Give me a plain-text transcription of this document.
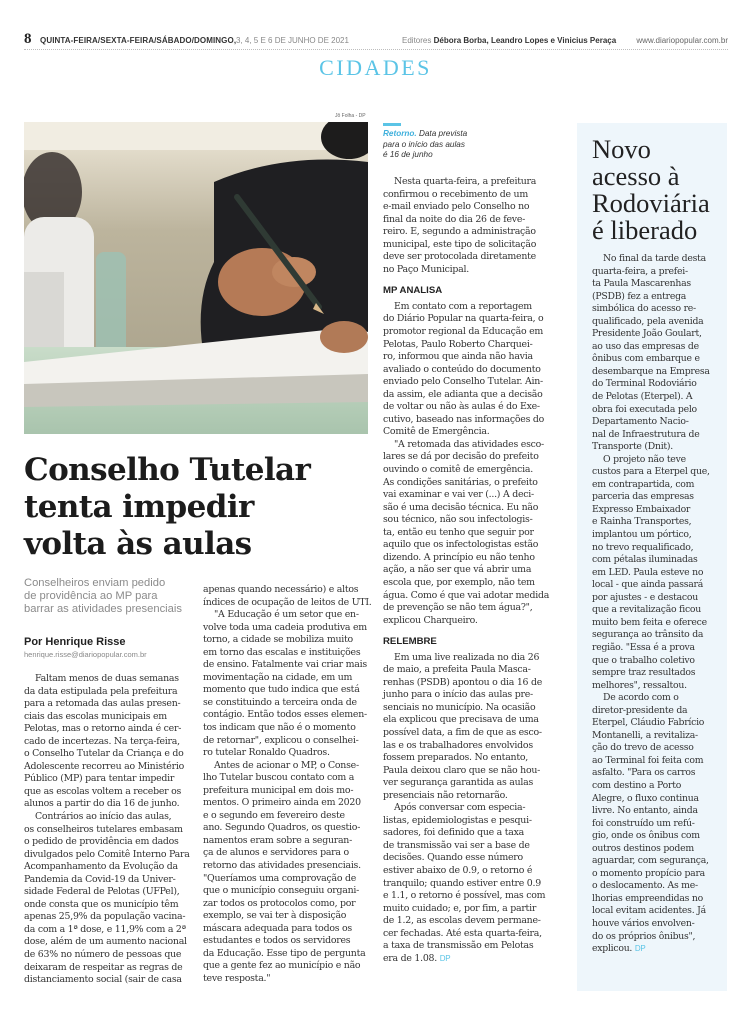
8 QUINTA-FEIRA/SEXTA-FEIRA/SÁBADO/DOMINGO, 3, 4, 5 E 6 DE JUNHO DE 2021	Editores Débora Borba, Leandro Lopes e Vinicius Peraça	www.diariopopular.com.br
CIDADES
Jô Folha - DP
Conselho Tutelar
tenta impedir
volta às aulas
Conselheiros enviam pedido
de providência ao MP para
barrar as atividades presenciais
Por Henrique Risse
henrique.risse@diariopopular.com.br
Faltam menos de duas semanas
da data estipulada pela prefeitura
para a retomada das aulas presen-
ciais das escolas municipais em
Pelotas, mas o retorno ainda é cer-
cado de incertezas. Na terça-feira,
o Conselho Tutelar da Criança e do
Adolescente recorreu ao Ministério
Público (MP) para tentar impedir
que as escolas voltem a receber os
alunos a partir do dia 16 de junho.
Contrários ao início das aulas,
os conselheiros tutelares embasam
o pedido de providência em dados
divulgados pelo Comitê Interno Para
Acompanhamento da Evolução da
Pandemia da Covid-19 da Univer-
sidade Federal de Pelotas (UFPel),
onde consta que os município têm
apenas 25,9% da população vacina-
da com a 1ª dose, e 11,9% com a 2ª
dose, além de um aumento nacional
de 63% no número de pessoas que
deixaram de respeitar as regras de
distanciamento social (sair de casa
apenas quando necessário) e altos
índices de ocupação de leitos de UTI.
"A Educação é um setor que en-
volve toda uma cadeia produtiva em
torno, a cidade se mobiliza muito
em torno das escalas e instituições
de ensino. Fatalmente vai criar mais
movimentação na cidade, em um
momento que tudo indica que está
se constituindo a terceira onda de
contágio. Então todos esses elemen-
tos indicam que não é o momento
de retornar", explicou o conselhei-
ro tutelar Ronaldo Quadros.
Antes de acionar o MP, o Conse-
lho Tutelar buscou contato com a
prefeitura municipal em dois mo-
mentos. O primeiro ainda em 2020
e o segundo em fevereiro deste
ano. Segundo Quadros, os questio-
namentos eram sobre a seguran-
ça de alunos e servidores para o
retorno das atividades presenciais.
"Queríamos uma comprovação de
que o município conseguiu organi-
zar todos os protocolos como, por
exemplo, se vai ter à disposição
máscara adequada para todos os
estudantes e todos os servidores
da Educação. Esse tipo de pergunta
que a gente fez ao município e não
teve resposta."
Retorno. Data prevista
para o início das aulas
é 16 de junho
Nesta quarta-feira, a prefeitura
confirmou o recebimento de um
e-mail enviado pelo Conselho no
final da noite do dia 26 de feve-
reiro. E, segundo a administração
municipal, este tipo de solicitação
deve ser protocolada diretamente
no Paço Municipal.
MP ANALISA
Em contato com a reportagem
do Diário Popular na quarta-feira, o
promotor regional da Educação em
Pelotas, Paulo Roberto Charquei-
ro, informou que ainda não havia
avaliado o conteúdo do documento
enviado pelo Conselho Tutelar. Ain-
da assim, ele adianta que a decisão
de voltar ou não às aulas é do Exe-
cutivo, baseado nas informações do
Comitê de Emergência.
"A retomada das atividades esco-
lares se dá por decisão do prefeito
ouvindo o comitê de emergência.
As condições sanitárias, o prefeito
vai examinar e vai ver (...) A deci-
são é uma decisão técnica. Eu não
sou técnico, não sou infectologis-
ta, então eu tenho que seguir por
aquilo que os infectologistas estão
dizendo. A princípio eu não tenho
ação, a não ser que vá abrir uma
escola que, por exemplo, não tem
água. Como é que vai adotar medida
de prevenção se não tem água?",
explicou Charqueiro.
RELEMBRE
Em uma live realizada no dia 26
de maio, a prefeita Paula Masca-
renhas (PSDB) apontou o dia 16 de
junho para o início das aulas pre-
senciais no município. Na ocasião
ela explicou que precisava de uma
possível data, a fim de que as esco-
las e os trabalhadores envolvidos
fossem preparados. No entanto,
Paula deixou claro que se não hou-
ver segurança garantida as aulas
presenciais não retornarão.
Após conversar com especia-
listas, epidemiologistas e pesqui-
sadores, foi definido que a taxa
de transmissão vai ser a base de
decisões. Quando esse número
estiver abaixo de 0.9, o retorno é
tranquilo; quando estiver entre 0.9
e 1.1, o retorno é possível, mas com
muito cuidado; e, por fim, a partir
de 1.2, as escolas devem permane-
cer fechadas. Até esta quarta-feira,
a taxa de transmissão em Pelotas
era de 1.08. DP
Novo
acesso à
Rodoviária
é liberado
No final da tarde desta
quarta-feira, a prefei-
ta Paula Mascarenhas
(PSDB) fez a entrega
simbólica do acesso re-
qualificado, pela avenida
Presidente João Goulart,
ao uso das empresas de
ônibus com embarque e
desembarque na Empresa
do Terminal Rodoviário
de Pelotas (Eterpel). A
obra foi executada pelo
Departamento Nacio-
nal de Infraestrutura de
Transporte (Dnit).
O projeto não teve
custos para a Eterpel que,
em contrapartida, com
parceria das empresas
Expresso Embaixador
e Rainha Transportes,
implantou um pórtico,
no trevo requalificado,
com pétalas iluminadas
em LED. Paula esteve no
local - que ainda passará
por ajustes - e destacou
que a revitalização ficou
muito bem feita e oferece
segurança ao trânsito da
região. "Essa é a prova
que o trabalho coletivo
sempre traz resultados
melhores", ressaltou.
De acordo com o
diretor-presidente da
Eterpel, Cláudio Fabrício
Montanelli, a revitaliza-
ção do trevo de acesso
ao Terminal foi feita com
asfalto. "Para os carros
com destino a Porto
Alegre, o fluxo continua
livre. No entanto, ainda
foi construído um refú-
gio, onde os ônibus com
outros destinos podem
aguardar, com segurança,
o momento propício para
o deslocamento. As me-
lhorias empreendidas no
local evitam acidentes. Já
houve vários envolven-
do os próprios ônibus",
explicou. DP
